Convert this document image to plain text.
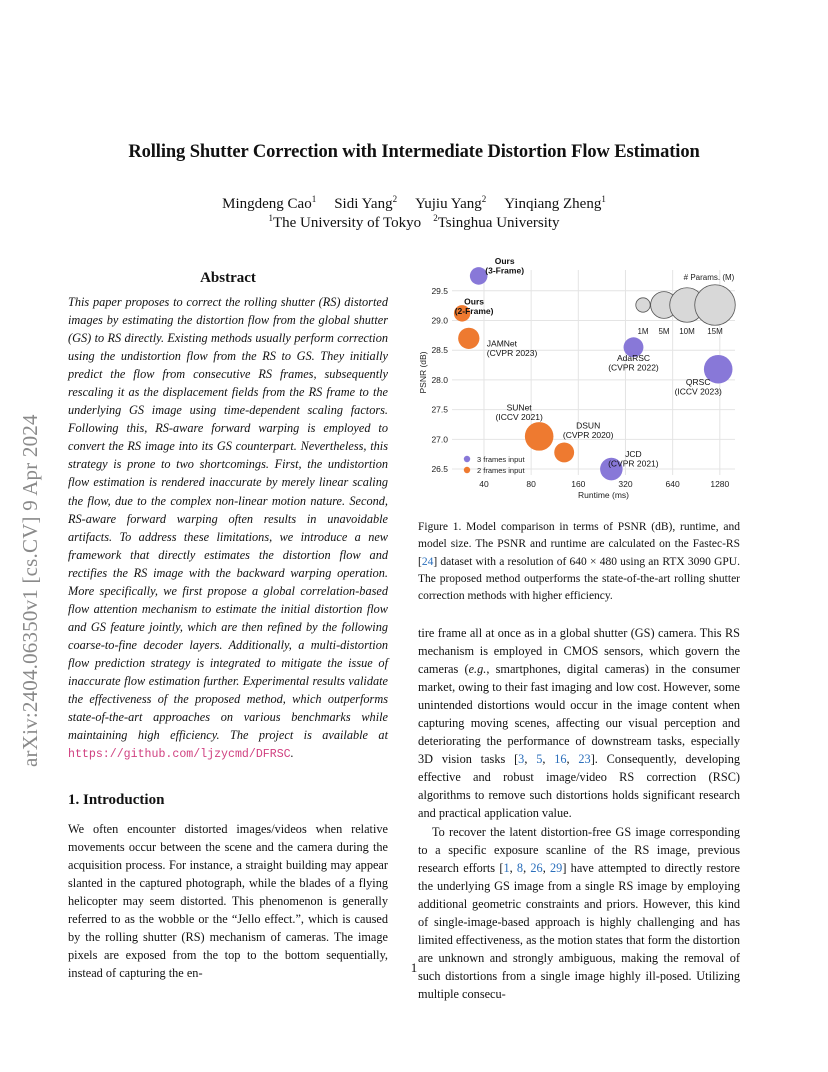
Rolling Shutter Correction with Intermediate Distortion Flow Estimation
Mingdeng Cao$^1$ Sidi Yang$^2$ Yujiu Yang$^2$ Yinqiang Zheng$^1$
$^1$The University of Tokyo $^2$Tsinghua University
arXiv:2404.06350v1 [cs.CV] 9 Apr 2024
Abstract
This paper proposes to correct the rolling shutter (RS) distorted images by estimating the distortion flow from the global shutter (GS) to RS directly. Existing methods usually perform correction using the undistortion flow from the RS to GS. They initially predict the flow from consecutive RS frames, subsequently rescaling it as the displacement fields from the RS frame to the underlying GS image using time-dependent scaling factors. Following this, RS-aware forward warping is employed to convert the RS image into its GS counterpart. Nevertheless, this strategy is prone to two shortcomings. First, the undistortion flow estimation is rendered inaccurate by merely linear scaling the flow, due to the complex non-linear motion nature. Second, RS-aware forward warping often results in unavoidable artifacts. To address these limitations, we introduce a new framework that directly estimates the distortion flow and rectifies the RS image with the backward warping operation. More specifically, we first propose a global correlation-based flow attention mechanism to estimate the initial distortion flow and GS feature jointly, which are then refined by the following coarse-to-fine decoder layers. Additionally, a multi-distortion flow prediction strategy is integrated to mitigate the issue of inaccurate flow estimation further. Experimental results validate the effectiveness of the proposed method, which outperforms state-of-the-art approaches on various benchmarks while maintaining high efficiency. The project is available at https://github.com/ljzycmd/DFRSC.
1. Introduction
We often encounter distorted images/videos when relative movements occur between the scene and the camera during the acquisition process. For instance, a straight building may appear slanted in the captured photograph, while the blades of a flying helicopter may seem distorted. This phenomenon is generally referred to as the wobble or the “Jello effect.”, which is caused by the rolling shutter (RS) mechanism of cameras. The image pixels are exposed from the top to the bottom sequentially, instead of capturing the en-
40	80	160	320	640	1280
26.5
27.0
27.5
28.0
28.5
29.0
29.5
Runtime (ms)
PSNR (dB)
Ours (3-Frame)
Ours (2-Frame)
JAMNet (CVPR 2023)
AdaRSC (CVPR 2022)
QRSC (ICCV 2023)
SUNet (ICCV 2021)
DSUN (CVPR 2020)
JCD (CVPR 2021)
3 frames input
2 frames input
# Params. (M)
1M 5M 10M 15M
Figure 1. Model comparison in terms of PSNR (dB), runtime, and model size. The PSNR and runtime are calculated on the Fastec-RS [24] dataset with a resolution of 640 × 480 using an RTX 3090 GPU. The proposed method outperforms the state-of-the-art rolling shutter correction methods with higher efficiency.

tire frame all at once as in a global shutter (GS) camera. This RS mechanism is employed in CMOS sensors, which govern the cameras (e.g., smartphones, digital cameras) in the consumer market, owing to their fast imaging and low cost. However, some unintended distortions would occur in the image content when capturing moving scenes, affecting our visual perception and deteriorating the performance of downstream tasks, especially 3D vision tasks [3, 5, 16, 23]. Consequently, developing effective and robust image/video RS correction (RSC) algorithms to remove such distortions holds significant research and practical application value.

To recover the latent distortion-free GS image corresponding to a specific exposure scanline of the RS image, previous research efforts [1, 8, 26, 29] have attempted to directly restore the underlying GS image from a single RS image by employing additional geometric constraints and priors. However, this kind of single-image-based approach is highly challenging and has limited effectiveness, as the motion states that form the distortion are unknown and strongly ambiguous, making the removal of such distortions from a single image highly ill-posed. Utilizing multiple consecu-

1
